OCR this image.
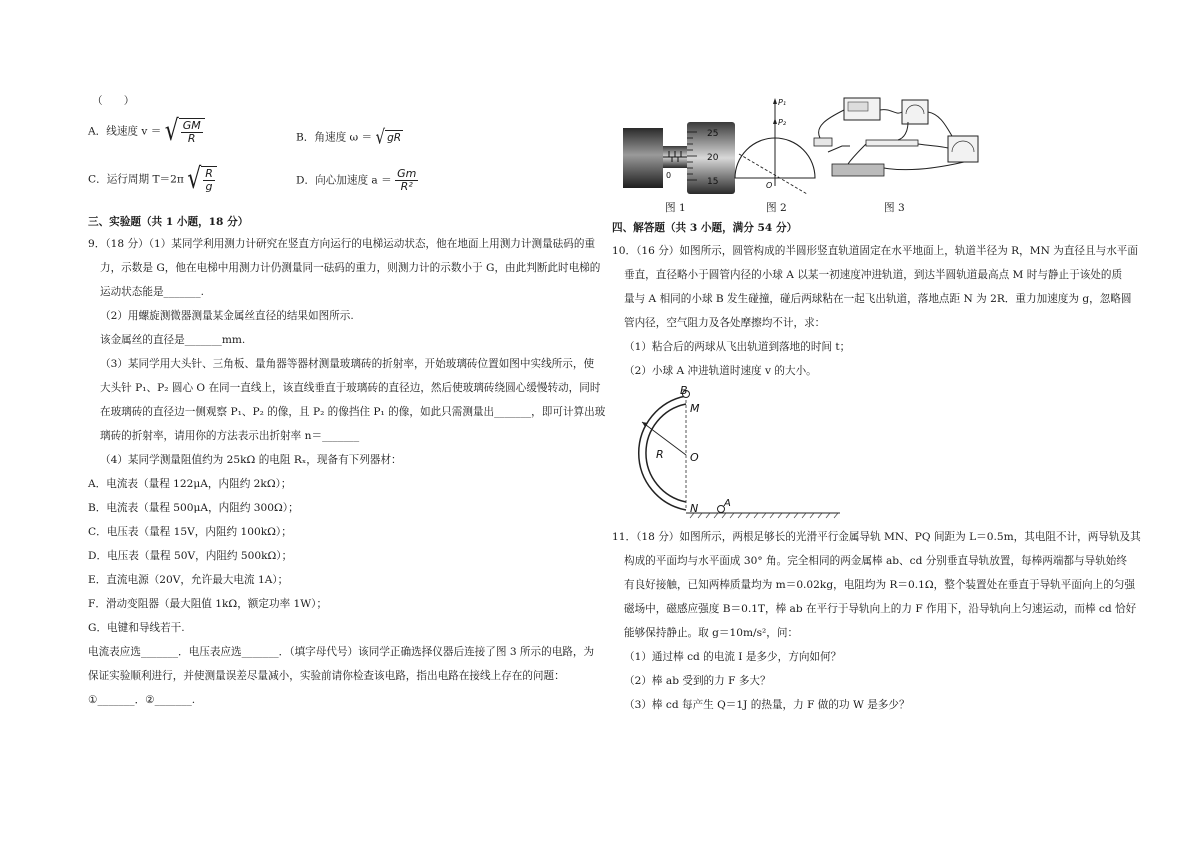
（　　）
A．线速度 v ＝ √ $\frac{GM}{R}$	B．角速度 ω ＝ √ gR
C．运行周期 T＝2π √ $\frac{R}{g}$	D．向心加速度 $a = \frac{Gm}{\text{R²}}$
三、实验题（共 1 小题，18 分）
9．（18 分）（1）某同学利用测力计研究在竖直方向运行的电梯运动状态，他在地面上用测力计测量砝码的重
力，示数是 G，他在电梯中用测力计仍测量同一砝码的重力，则测力计的示数小于 G，由此判断此时电梯的
运动状态能是_______.
（2）用螺旋测微器测量某金属丝直径的结果如图所示.
该金属丝的直径是_______mm.
（3）某同学用大头针、三角板、量角器等器材测量玻璃砖的折射率，开始玻璃砖位置如图中实线所示，使
大头针 P₁、P₂ 圆心 O 在同一直线上，该直线垂直于玻璃砖的直径边，然后使玻璃砖绕圆心缓慢转动，同时
在玻璃砖的直径边一侧观察 P₁、P₂ 的像，且 P₂ 的像挡住 P₁ 的像，如此只需测量出_______，即可计算出玻
璃砖的折射率，请用你的方法表示出折射率 n＝_______
（4）某同学测量阻值约为 25kΩ 的电阻 Rₓ，现备有下列器材：
A．电流表（量程 122μA，内阻约 2kΩ）；
B．电流表（量程 500μA，内阻约 300Ω）；
C．电压表（量程 15V，内阻约 100kΩ）；
D．电压表（量程 50V，内阻约 500kΩ）；
E．直流电源（20V，允许最大电流 1A）；
F．滑动变阻器（最大阻值 1kΩ，额定功率 1W）；
G．电键和导线若干.
电流表应选_______．电压表应选_______．（填字母代号）该同学正确选择仪器后连接了图 3 所示的电路，为
保证实验顺利进行，并使测量误差尽量减小，实验前请你检查该电路，指出电路在接线上存在的问题：
①_______．②_______.
25
20
15
0
图 1
P₁
P₂
O
图 2	图 3
四、解答题（共 3 小题，满分 54 分）
10．（16 分）如图所示，圆管构成的半圆形竖直轨道固定在水平地面上，轨道半径为 R，MN 为直径且与水平面
垂直，直径略小于圆管内径的小球 A 以某一初速度冲进轨道，到达半圆轨道最高点 M 时与静止于该处的质
量与 A 相同的小球 B 发生碰撞，碰后两球粘在一起飞出轨道，落地点距 N 为 2R．重力加速度为 g，忽略圆
管内径，空气阻力及各处摩擦均不计，求：
（1）粘合后的两球从飞出轨道到落地的时间 t；
（2）小球 A 冲进轨道时速度 v 的大小。
B
M
O
R
N	A
11．（18 分）如图所示，两根足够长的光滑平行金属导轨 MN、PQ 间距为 L＝0.5m，其电阻不计，两导轨及其
构成的平面均与水平面成 30° 角。完全相同的两金属棒 ab、cd 分别垂直导轨放置，每棒两端都与导轨始终
有良好接触，已知两棒质量均为 m＝0.02kg，电阻均为 R＝0.1Ω，整个装置处在垂直于导轨平面向上的匀强
磁场中，磁感应强度 B＝0.1T，棒 ab 在平行于导轨向上的力 F 作用下，沿导轨向上匀速运动，而棒 cd 恰好
能够保持静止。取 g＝10m/s²，问：
（1）通过棒 cd 的电流 I 是多少，方向如何？
（2）棒 ab 受到的力 F 多大？
（3）棒 cd 每产生 Q＝1J 的热量，力 F 做的功 W 是多少？
